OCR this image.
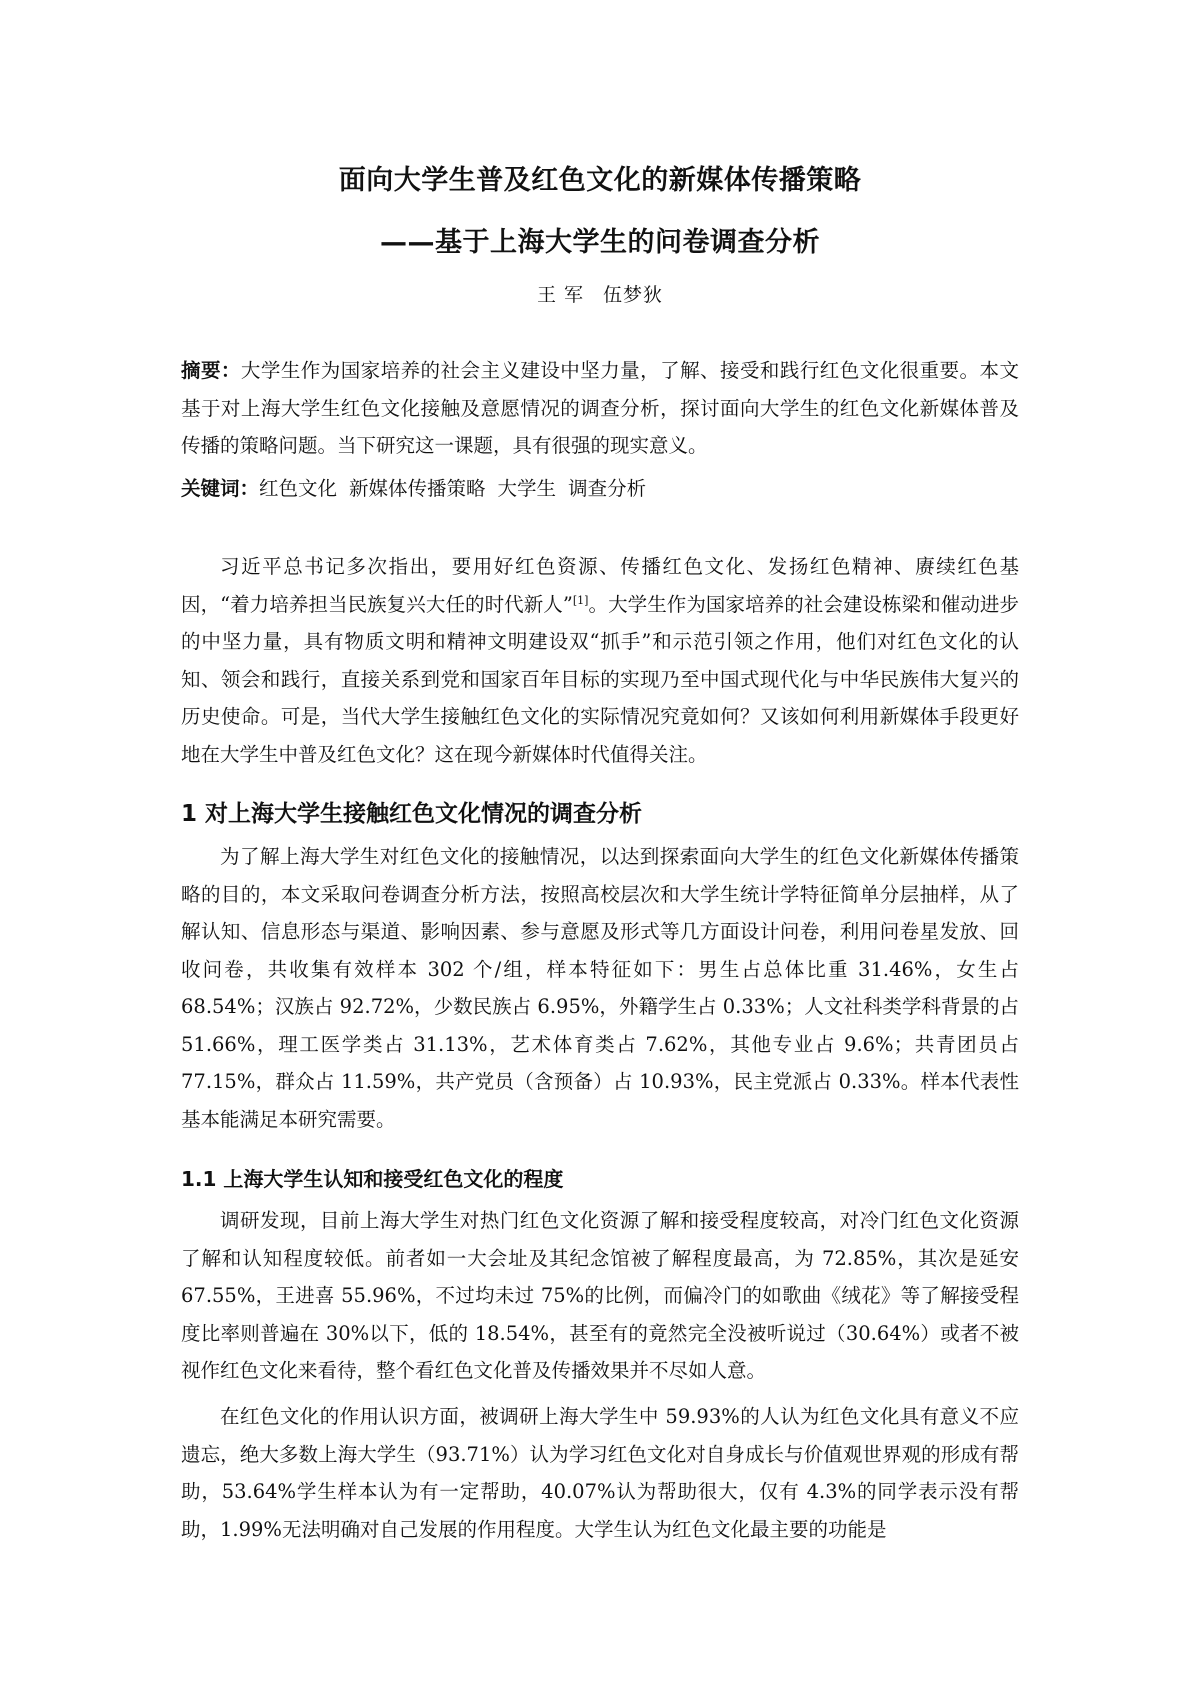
面向大学生普及红色文化的新媒体传播策略
——基于上海大学生的问卷调查分析
王 军 伍梦狄
摘要：大学生作为国家培养的社会主义建设中坚力量，了解、接受和践行红色文化很重要。本文基于对上海大学生红色文化接触及意愿情况的调查分析，探讨面向大学生的红色文化新媒体普及传播的策略问题。当下研究这一课题，具有很强的现实意义。
关键词：红色文化 新媒体传播策略 大学生 调查分析

习近平总书记多次指出，要用好红色资源、传播红色文化、发扬红色精神、赓续红色基因，“着力培养担当民族复兴大任的时代新人”[1]。大学生作为国家培养的社会建设栋梁和催动进步的中坚力量，具有物质文明和精神文明建设双“抓手”和示范引领之作用，他们对红色文化的认知、领会和践行，直接关系到党和国家百年目标的实现乃至中国式现代化与中华民族伟大复兴的历史使命。可是，当代大学生接触红色文化的实际情况究竟如何？又该如何利用新媒体手段更好地在大学生中普及红色文化？这在现今新媒体时代值得关注。

1 对上海大学生接触红色文化情况的调查分析

为了解上海大学生对红色文化的接触情况，以达到探索面向大学生的红色文化新媒体传播策略的目的，本文采取问卷调查分析方法，按照高校层次和大学生统计学特征简单分层抽样，从了解认知、信息形态与渠道、影响因素、参与意愿及形式等几方面设计问卷，利用问卷星发放、回收问卷，共收集有效样本 302 个/组，样本特征如下：男生占总体比重 31.46%，女生占 68.54%；汉族占 92.72%，少数民族占 6.95%，外籍学生占 0.33%；人文社科类学科背景的占 51.66%，理工医学类占 31.13%，艺术体育类占 7.62%，其他专业占 9.6%；共青团员占 77.15%，群众占 11.59%，共产党员（含预备）占 10.93%，民主党派占 0.33%。样本代表性基本能满足本研究需要。

1.1 上海大学生认知和接受红色文化的程度

调研发现，目前上海大学生对热门红色文化资源了解和接受程度较高，对冷门红色文化资源了解和认知程度较低。前者如一大会址及其纪念馆被了解程度最高，为 72.85%，其次是延安 67.55%，王进喜 55.96%，不过均未过 75%的比例，而偏冷门的如歌曲《绒花》等了解接受程度比率则普遍在 30%以下，低的 18.54%，甚至有的竟然完全没被听说过（30.64%）或者不被视作红色文化来看待，整个看红色文化普及传播效果并不尽如人意。

在红色文化的作用认识方面，被调研上海大学生中 59.93%的人认为红色文化具有意义不应遗忘，绝大多数上海大学生（93.71%）认为学习红色文化对自身成长与价值观世界观的形成有帮助，53.64%学生样本认为有一定帮助，40.07%认为帮助很大，仅有 4.3%的同学表示没有帮助，1.99%无法明确对自己发展的作用程度。大学生认为红色文化最主要的功能是
